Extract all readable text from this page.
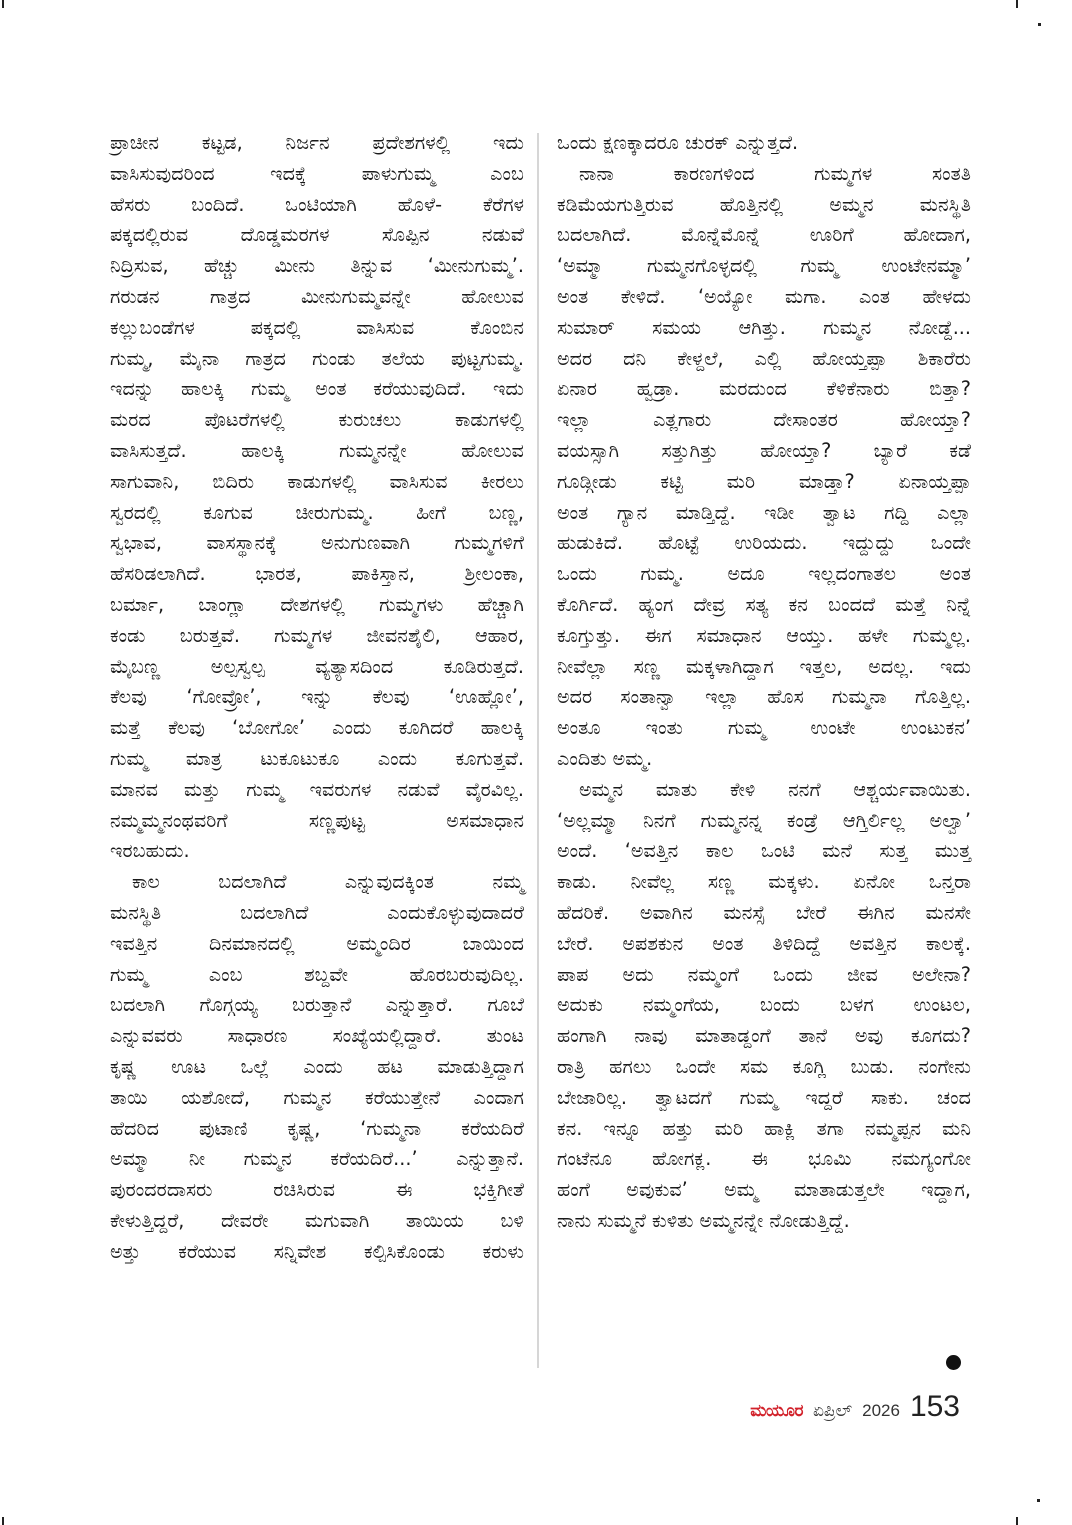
ಪ್ರಾಚೀನ ಕಟ್ಟಡ, ನಿರ್ಜನ ಪ್ರದೇಶಗಳಲ್ಲಿ ಇದು
ವಾಸಿಸುವುದರಿಂದ ಇದಕ್ಕೆ ಪಾಳುಗುಮ್ಮ ಎಂಬ
ಹೆಸರು ಬಂದಿದೆ. ಒಂಟಿಯಾಗಿ ಹೊಳೆ- ಕೆರೆಗಳ
ಪಕ್ಕದಲ್ಲಿರುವ ದೊಡ್ಡಮರಗಳ ಸೊಪ್ಪಿನ ನಡುವೆ
ನಿದ್ರಿಸುವ, ಹೆಚ್ಚು ಮೀನು ತಿನ್ನುವ ‘ಮೀನುಗುಮ್ಮ’.
ಗರುಡನ ಗಾತ್ರದ ಮೀನುಗುಮ್ಮವನ್ನೇ ಹೋಲುವ
ಕಲ್ಲುಬಂಡೆಗಳ ಪಕ್ಕದಲ್ಲಿ ವಾಸಿಸುವ ಕೊಂಬಿನ
ಗುಮ್ಮ, ಮೈನಾ ಗಾತ್ರದ ಗುಂಡು ತಲೆಯ ಪುಟ್ಟಗುಮ್ಮ.
ಇದನ್ನು ಹಾಲಕ್ಕಿ ಗುಮ್ಮ ಅಂತ ಕರೆಯುವುದಿದೆ. ಇದು
ಮರದ ಪೊಟರೆಗಳಲ್ಲಿ ಕುರುಚಲು ಕಾಡುಗಳಲ್ಲಿ
ವಾಸಿಸುತ್ತದೆ. ಹಾಲಕ್ಕಿ ಗುಮ್ಮನನ್ನೇ ಹೋಲುವ
ಸಾಗುವಾನಿ, ಬಿದಿರು ಕಾಡುಗಳಲ್ಲಿ ವಾಸಿಸುವ ಕೀರಲು
ಸ್ವರದಲ್ಲಿ ಕೂಗುವ ಚೀರುಗುಮ್ಮ. ಹೀಗೆ ಬಣ್ಣ,
ಸ್ವಭಾವ, ವಾಸಸ್ಥಾನಕ್ಕೆ ಅನುಗುಣವಾಗಿ ಗುಮ್ಮಗಳಿಗೆ
ಹೆಸರಿಡಲಾಗಿದೆ. ಭಾರತ, ಪಾಕಿಸ್ತಾನ, ಶ್ರೀಲಂಕಾ,
ಬರ್ಮಾ, ಬಾಂಗ್ಲಾ ದೇಶಗಳಲ್ಲಿ ಗುಮ್ಮಗಳು ಹೆಚ್ಚಾಗಿ
ಕಂಡು ಬರುತ್ತವೆ. ಗುಮ್ಮಗಳ ಜೀವನಶೈಲಿ, ಆಹಾರ,
ಮೈಬಣ್ಣ ಅಲ್ಪಸ್ವಲ್ಪ ವ್ಯತ್ಯಾಸದಿಂದ ಕೂಡಿರುತ್ತದೆ.
ಕೆಲವು ‘ಗೋವ್ರೋ’, ಇನ್ನು ಕೆಲವು ‘ಊಹ್ಲೋ’,
ಮತ್ತೆ ಕೆಲವು ‘ಬೋಗೋ’ ಎಂದು ಕೂಗಿದರೆ ಹಾಲಕ್ಕಿ
ಗುಮ್ಮ ಮಾತ್ರ ಟುಕೂಟುಕೂ ಎಂದು ಕೂಗುತ್ತವೆ.
ಮಾನವ ಮತ್ತು ಗುಮ್ಮ ಇವರುಗಳ ನಡುವೆ ವೈರವಿಲ್ಲ.
ನಮ್ಮಮ್ಮನಂಥವರಿಗೆ ಸಣ್ಣಪುಟ್ಟ ಅಸಮಾಧಾನ
ಇರಬಹುದು.
ಕಾಲ ಬದಲಾಗಿದೆ ಎನ್ನುವುದಕ್ಕಿಂತ ನಮ್ಮ
ಮನಸ್ಥಿತಿ ಬದಲಾಗಿದೆ ಎಂದುಕೊಳ್ಳುವುದಾದರೆ
ಇವತ್ತಿನ ದಿನಮಾನದಲ್ಲಿ ಅಮ್ಮಂದಿರ ಬಾಯಿಂದ
ಗುಮ್ಮ ಎಂಬ ಶಬ್ದವೇ ಹೊರಬರುವುದಿಲ್ಲ.
ಬದಲಾಗಿ ಗೊಗ್ಗಯ್ಯ ಬರುತ್ತಾನೆ ಎನ್ನುತ್ತಾರೆ. ಗೂಬೆ
ಎನ್ನುವವರು ಸಾಧಾರಣ ಸಂಖ್ಯೆಯಲ್ಲಿದ್ದಾರೆ. ತುಂಟ
ಕೃಷ್ಣ ಊಟ ಒಲ್ಲೆ ಎಂದು ಹಟ ಮಾಡುತ್ತಿದ್ದಾಗ
ತಾಯಿ ಯಶೋದೆ, ಗುಮ್ಮನ ಕರೆಯುತ್ತೇನೆ ಎಂದಾಗ
ಹೆದರಿದ ಪುಟಾಣಿ ಕೃಷ್ಣ, ‘ಗುಮ್ಮನಾ ಕರೆಯದಿರೆ
ಅಮ್ಮಾ ನೀ ಗುಮ್ಮನ ಕರೆಯದಿರೆ...’ ಎನ್ನುತ್ತಾನೆ.
ಪುರಂದರದಾಸರು ರಚಿಸಿರುವ ಈ ಭಕ್ತಿಗೀತೆ
ಕೇಳುತ್ತಿದ್ದರೆ, ದೇವರೇ ಮಗುವಾಗಿ ತಾಯಿಯ ಬಳಿ
ಅತ್ತು ಕರೆಯುವ ಸನ್ನಿವೇಶ ಕಲ್ಪಿಸಿಕೊಂಡು ಕರುಳು
ಒಂದು ಕ್ಷಣಕ್ಕಾದರೂ ಚುರಕ್ ಎನ್ನುತ್ತದೆ.
ನಾನಾ ಕಾರಣಗಳಿಂದ ಗುಮ್ಮಗಳ ಸಂತತಿ
ಕಡಿಮೆಯಗುತ್ತಿರುವ ಹೊತ್ತಿನಲ್ಲಿ ಅಮ್ಮನ ಮನಸ್ಥಿತಿ
ಬದಲಾಗಿದೆ. ಮೊನ್ನೆಮೊನ್ನೆ ಊರಿಗೆ ಹೋದಾಗ,
‘ಅಮ್ಮಾ ಗುಮ್ಮನಗೊಳ್ಳದಲ್ಲಿ ಗುಮ್ಮ ಉಂಟೇನಮ್ಮಾ’
ಅಂತ ಕೇಳಿದೆ. ‘ಅಯ್ಯೋ ಮಗಾ. ಎಂತ ಹೇಳದು
ಸುಮಾರ್ ಸಮಯ ಆಗಿತ್ತು. ಗುಮ್ಮನ ನೋಡ್ದೆ...
ಅದರ ದನಿ ಕೇಳ್ದಲೆ, ಎಲ್ಲಿ ಹೋಯ್ತಪ್ಪಾ ಶಿಕಾರೆರು
ಏನಾರ ಹ್ವಡ್ರಾ. ಮರದುಂದ ಕೆಳಿಕೆನಾರು ಬಿತ್ತಾ?
ಇಲ್ಲಾ ಎತ್ಲಗಾರು ದೇಸಾಂತರ ಹೋಯ್ತಾ?
ವಯಸ್ಸಾಗಿ ಸತ್ತುಗಿತ್ತು ಹೋಯ್ತಾ? ಬ್ಯಾರೆ ಕಡೆ
ಗೂಡ್ಗೀಡು ಕಟ್ಟಿ ಮರಿ ಮಾಡ್ತಾ? ಏನಾಯ್ತಪ್ಪಾ
ಅಂತ ಗ್ಯಾನ ಮಾಡ್ತಿದ್ದೆ. ಇಡೀ ತ್ವಾಟ ಗದ್ದಿ ಎಲ್ಲಾ
ಹುಡುಕಿದೆ. ಹೊಟ್ಟೆ ಉರಿಯದು. ಇದ್ದುದ್ದು ಒಂದೇ
ಒಂದು ಗುಮ್ಮ. ಅದೂ ಇಲ್ಲದಂಗಾತಲ ಅಂತ
ಕೊರ್ಗಿದೆ. ಹ್ಯಂಗ ದೇವ್ರ ಸತ್ಯ ಕನ ಬಂದದೆ ಮತ್ತೆ ನಿನ್ನೆ
ಕೂಗ್ತುತ್ತು. ಈಗ ಸಮಾಧಾನ ಆಯ್ತು. ಹಳೇ ಗುಮ್ಮಲ್ಲ.
ನೀವೆಲ್ಲಾ ಸಣ್ಣ ಮಕ್ಕಳಾಗಿದ್ದಾಗ ಇತ್ತಲ, ಅದಲ್ಲ. ಇದು
ಅದರ ಸಂತಾನ್ವಾ ಇಲ್ಲಾ ಹೊಸ ಗುಮ್ಮನಾ ಗೊತ್ತಿಲ್ಲ.
ಅಂತೂ ಇಂತು ಗುಮ್ಮ ಉಂಟೇ ಉಂಟುಕನ’
ಎಂದಿತು ಅಮ್ಮ.
ಅಮ್ಮನ ಮಾತು ಕೇಳಿ ನನಗೆ ಆಶ್ಚರ್ಯವಾಯಿತು.
‘ಅಲ್ಲಮ್ಮಾ ನಿನಗೆ ಗುಮ್ಮನನ್ನ ಕಂಡ್ರೆ ಆಗ್ತಿರ್ಲಿಲ್ಲ ಅಲ್ವಾ’
ಅಂದೆ. ‘ಅವತ್ತಿನ ಕಾಲ ಒಂಟಿ ಮನೆ ಸುತ್ತ ಮುತ್ತ
ಕಾಡು. ನೀವೆಲ್ಲ ಸಣ್ಣ ಮಕ್ಕಳು. ಏನೋ ಒನ್ತರಾ
ಹೆದರಿಕೆ. ಅವಾಗಿನ ಮನಸ್ಸೆ ಬೇರೆ ಈಗಿನ ಮನಸೇ
ಬೇರೆ. ಅಪಶಕುನ ಅಂತ ತಿಳಿದಿದ್ದೆ ಅವತ್ತಿನ ಕಾಲಕ್ಕೆ.
ಪಾಪ ಅದು ನಮ್ಮಂಗೆ ಒಂದು ಜೀವ ಅಲೇನಾ?
ಅದುಕು ನಮ್ಮಂಗೆಯ, ಬಂದು ಬಳಗ ಉಂಟಲ,
ಹಂಗಾಗಿ ನಾವು ಮಾತಾಡ್ದಂಗೆ ತಾನೆ ಅವು ಕೂಗದು?
ರಾತ್ರಿ ಹಗಲು ಒಂದೇ ಸಮ ಕೂಗ್ಲಿ ಬುಡು. ನಂಗೇನು
ಬೇಜಾರಿಲ್ಲ. ತ್ವಾಟದಗೆ ಗುಮ್ಮ ಇದ್ದರೆ ಸಾಕು. ಚಂದ
ಕನ. ಇನ್ನೂ ಹತ್ತು ಮರಿ ಹಾಕ್ಲಿ ತಗಾ ನಮ್ಮಪ್ಪನ ಮನಿ
ಗಂಟೆನೂ ಹೋಗಕ್ಲ. ಈ ಭೂಮಿ ನಮಗ್ಯಂಗೋ
ಹಂಗೆ ಅವುಕುವ’ ಅಮ್ಮ ಮಾತಾಡುತ್ತಲೇ ಇದ್ದಾಗ,
ನಾನು ಸುಮ್ಮನೆ ಕುಳಿತು ಅಮ್ಮನನ್ನೇ ನೋಡುತ್ತಿದ್ದೆ.
ಮಯೂರ ಏಪ್ರಿಲ್ 2026 153
